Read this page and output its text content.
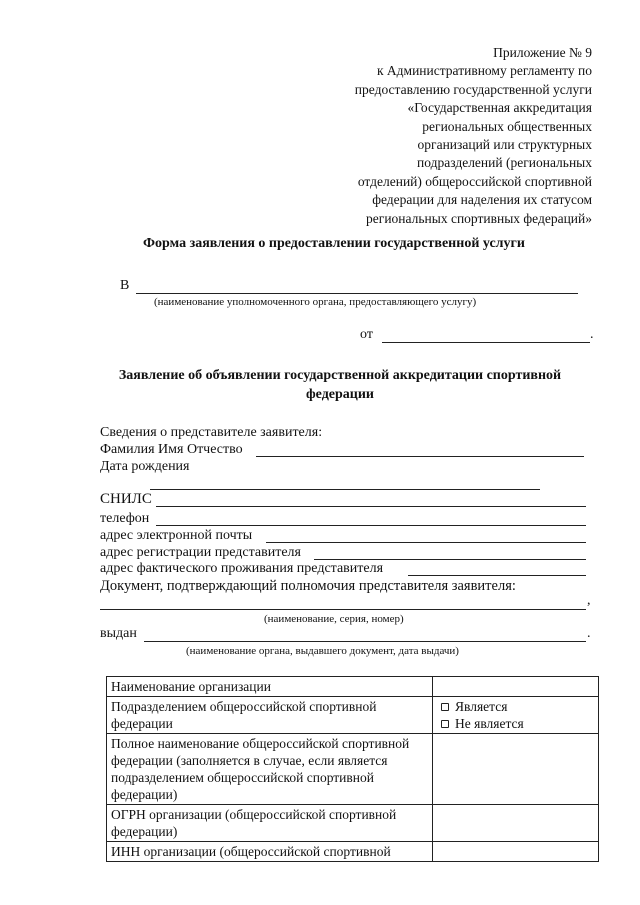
Приложение № 9
к Административному регламенту по
предоставлению государственной услуги
«Государственная аккредитация
региональных общественных
организаций или структурных
подразделений (региональных
отделений) общероссийской спортивной
федерации для наделения их статусом
региональных спортивных федераций»
Форма заявления о предоставлении государственной услуги
В
(наименование уполномоченного органа, предоставляющего услугу)
от	.
Заявление об объявлении государственной аккредитации спортивной
федерации
Сведения о представителе заявителя:
Фамилия Имя Отчество
Дата рождения
СНИЛС
телефон
адрес электронной почты
адрес регистрации представителя
адрес фактического проживания представителя
Документ, подтверждающий полномочия представителя заявителя:
,
(наименование, серия, номер)
выдан	.
(наименование органа, выдавшего документ, дата выдачи)
Наименование организации	
Подразделением общероссийской спортивной федерации	Является
Не является

Полное наименование общероссийской спортивной федерации (заполняется в случае, если является подразделением общероссийской спортивной федерации)	
ОГРН организации (общероссийской спортивной федерации)	
ИНН организации (общероссийской спортивной	
